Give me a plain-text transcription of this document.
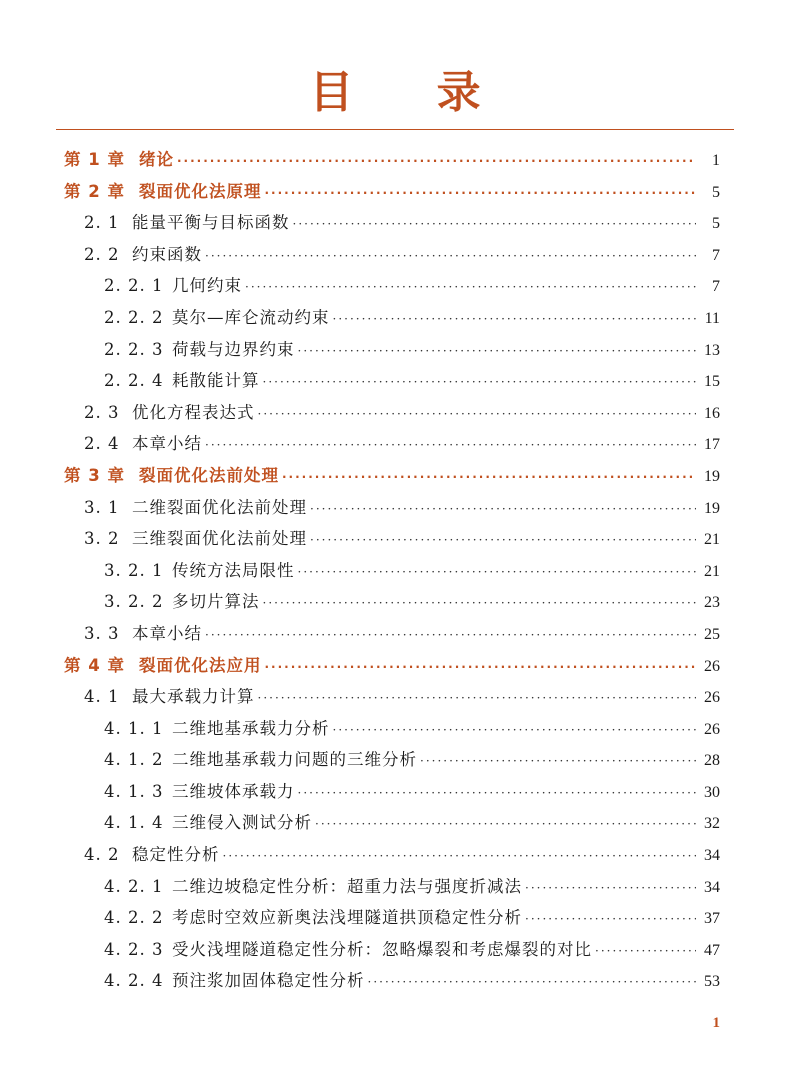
目 录
第 1 章 绪论 ·····	1
第 2 章 裂面优化法原理 ·····	5
2. 1 能量平衡与目标函数 ·····	5
2. 2 约束函数 ·····	7
2. 2. 1 几何约束 ·····	7
2. 2. 2 莫尔—库仑流动约束 ·····	11
2. 2. 3 荷载与边界约束 ·····	13
2. 2. 4 耗散能计算 ·····	15
2. 3 优化方程表达式 ·····	16
2. 4 本章小结 ·····	17
第 3 章 裂面优化法前处理 ·····	19
3. 1 二维裂面优化法前处理 ·····	19
3. 2 三维裂面优化法前处理 ·····	21
3. 2. 1 传统方法局限性 ·····	21
3. 2. 2 多切片算法 ·····	23
3. 3 本章小结 ·····	25
第 4 章 裂面优化法应用 ·····	26
4. 1 最大承载力计算 ·····	26
4. 1. 1 二维地基承载力分析 ·····	26
4. 1. 2 二维地基承载力问题的三维分析 ·····	28
4. 1. 3 三维坡体承载力 ·····	30
4. 1. 4 三维侵入测试分析 ·····	32
4. 2 稳定性分析 ·····	34
4. 2. 1 二维边坡稳定性分析：超重力法与强度折减法 ·····	34
4. 2. 2 考虑时空效应新奥法浅埋隧道拱顶稳定性分析 ·····	37
4. 2. 3 受火浅埋隧道稳定性分析：忽略爆裂和考虑爆裂的对比 ·····	47
4. 2. 4 预注浆加固体稳定性分析 ·····	53
1
